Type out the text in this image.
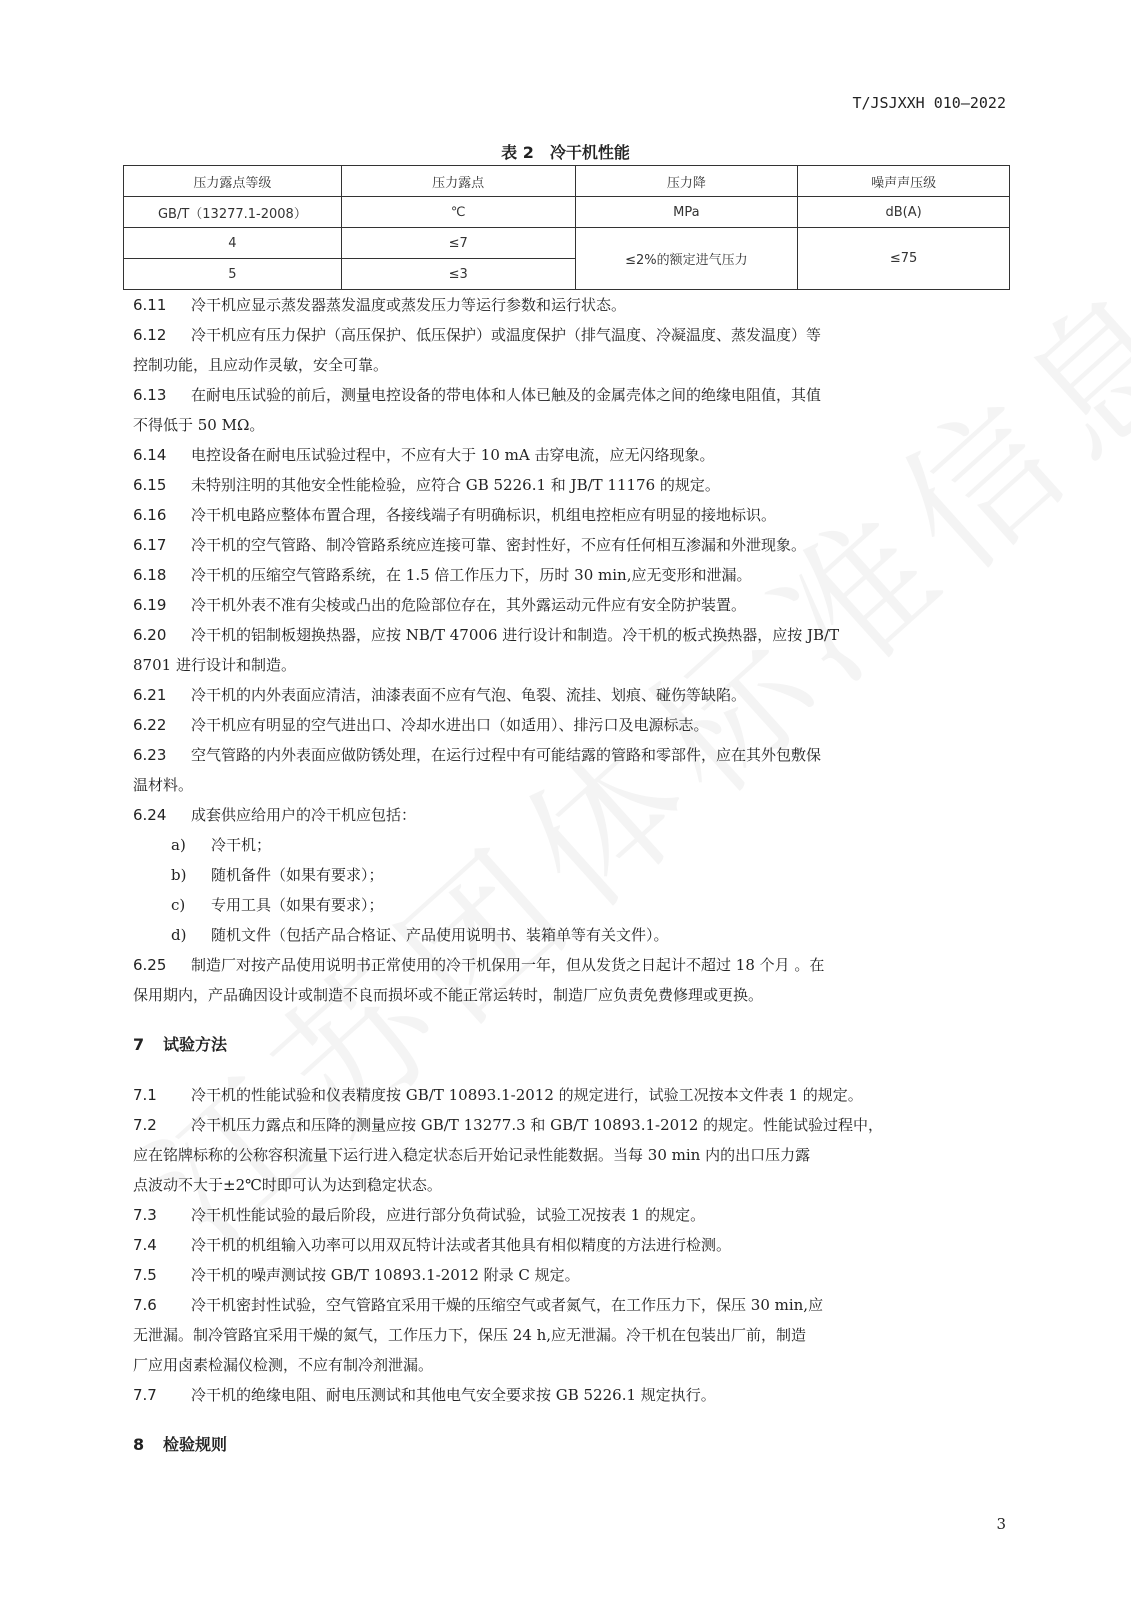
T/JSJXXH 010—2022
表 2　冷干机性能
压力露点等级	压力露点	压力降	噪声声压级
GB/T（13277.1-2008）	℃	MPa	dB(A)
4	≤7	≤2%的额定进气压力	≤75
5	≤3		

6.11 冷干机应显示蒸发器蒸发温度或蒸发压力等运行参数和运行状态。

6.12 冷干机应有压力保护（高压保护、低压保护）或温度保护（排气温度、冷凝温度、蒸发温度）等

控制功能，且应动作灵敏，安全可靠。

6.13 在耐电压试验的前后，测量电控设备的带电体和人体已触及的金属壳体之间的绝缘电阻值，其值

不得低于 50 MΩ。

6.14 电控设备在耐电压试验过程中，不应有大于 10 mA 击穿电流，应无闪络现象。

6.15 未特别注明的其他安全性能检验，应符合 GB 5226.1 和 JB/T 11176 的规定。

6.16 冷干机电路应整体布置合理，各接线端子有明确标识，机组电控柜应有明显的接地标识。

6.17 冷干机的空气管路、制冷管路系统应连接可靠、密封性好，不应有任何相互渗漏和外泄现象。

6.18 冷干机的压缩空气管路系统，在 1.5 倍工作压力下，历时 30 min,应无变形和泄漏。

6.19 冷干机外表不准有尖棱或凸出的危险部位存在，其外露运动元件应有安全防护装置。

6.20 冷干机的铝制板翅换热器，应按 NB/T 47006 进行设计和制造。冷干机的板式换热器，应按 JB/T

8701 进行设计和制造。

6.21 冷干机的内外表面应清洁，油漆表面不应有气泡、龟裂、流挂、划痕、碰伤等缺陷。

6.22 冷干机应有明显的空气进出口、冷却水进出口（如适用）、排污口及电源标志。

6.23 空气管路的内外表面应做防锈处理，在运行过程中有可能结露的管路和零部件，应在其外包敷保

温材料。

6.24 成套供应给用户的冷干机应包括：

a) 冷干机；

b) 随机备件（如果有要求）；

c) 专用工具（如果有要求）；

d) 随机文件（包括产品合格证、产品使用说明书、装箱单等有关文件）。

6.25 制造厂对按产品使用说明书正常使用的冷干机保用一年，但从发货之日起计不超过 18 个月 。在

保用期内，产品确因设计或制造不良而损坏或不能正常运转时，制造厂应负责免费修理或更换。

7 试验方法

7.1 冷干机的性能试验和仪表精度按 GB/T 10893.1-2012 的规定进行，试验工况按本文件表 1 的规定。

7.2 冷干机压力露点和压降的测量应按 GB/T 13277.3 和 GB/T 10893.1-2012 的规定。性能试验过程中，

应在铭牌标称的公称容积流量下运行进入稳定状态后开始记录性能数据。当每 30 min 内的出口压力露

点波动不大于±2℃时即可认为达到稳定状态。

7.3 冷干机性能试验的最后阶段，应进行部分负荷试验，试验工况按表 1 的规定。

7.4 冷干机的机组输入功率可以用双瓦特计法或者其他具有相似精度的方法进行检测。

7.5 冷干机的噪声测试按 GB/T 10893.1-2012 附录 C 规定。

7.6 冷干机密封性试验，空气管路宜采用干燥的压缩空气或者氮气，在工作压力下，保压 30 min,应

无泄漏。制冷管路宜采用干燥的氮气，工作压力下，保压 24 h,应无泄漏。冷干机在包装出厂前，制造

厂应用卤素检漏仪检测，不应有制冷剂泄漏。

7.7 冷干机的绝缘电阻、耐电压测试和其他电气安全要求按 GB 5226.1 规定执行。

8 检验规则
3
